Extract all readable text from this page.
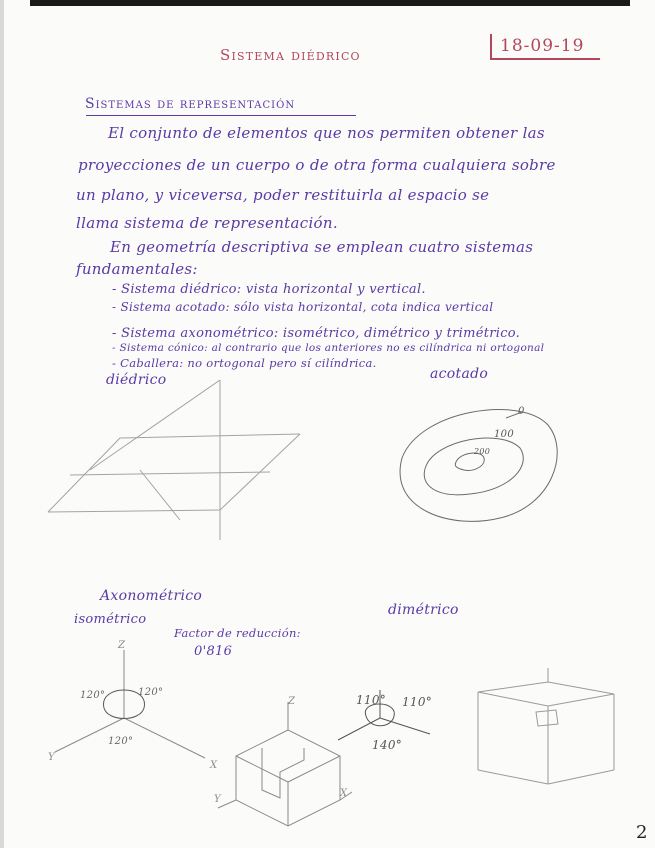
Sistema diédrico	18-09-19
Sistemas de representación
El conjunto de elementos que nos permiten obtener las
proyecciones de un cuerpo o de otra forma cualquiera sobre
un plano, y viceversa, poder restituirla al espacio se
llama sistema de representación.
En geometría descriptiva se emplean cuatro sistemas
fundamentales:
- Sistema diédrico: vista horizontal y vertical.
- Sistema acotado: sólo vista horizontal, cota indica vertical
- Sistema axonométrico: isométrico, dimétrico y trimétrico.
- Sistema cónico: al contrario que los anteriores no es cilíndrica ni ortogonal
- Caballera: no ortogonal pero sí cilíndrica.
diédrico	acotado
0
100
200
Axonométrico
isométrico
Factor de reducción:
0'816
dimétrico
120°	120°
120°
110° 110°
140°
Z
Y
X
Z
Y
X
2
